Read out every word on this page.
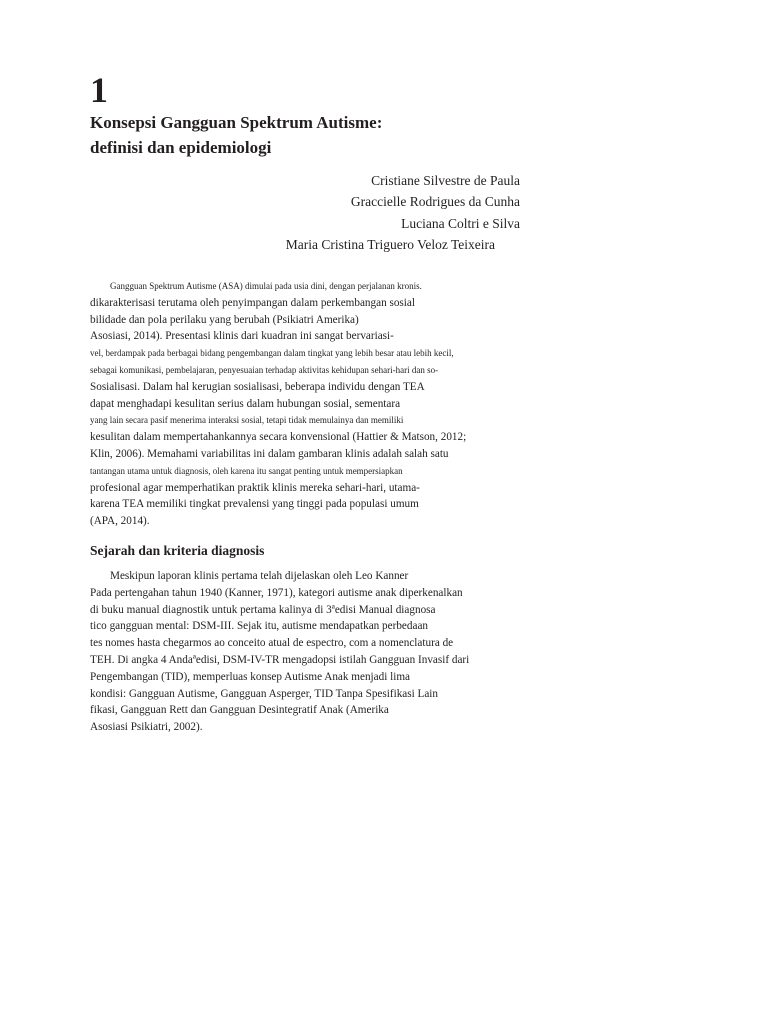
1
Konsepsi Gangguan Spektrum Autisme:
definisi dan epidemiologi
Cristiane Silvestre de Paula
Graccielle Rodrigues da Cunha
Luciana Coltri e Silva
Maria Cristina Triguero Veloz Teixeira

Gangguan Spektrum Autisme (ASA) dimulai pada usia dini, dengan perjalanan kronis.
dikarakterisasi terutama oleh penyimpangan dalam perkembangan sosial
bilidade dan pola perilaku yang berubah (Psikiatri Amerika)
Asosiasi, 2014). Presentasi klinis dari kuadran ini sangat bervariasi-
vel, berdampak pada berbagai bidang pengembangan dalam tingkat yang lebih besar atau lebih kecil,
sebagai komunikasi, pembelajaran, penyesuaian terhadap aktivitas kehidupan sehari-hari dan so-
Sosialisasi. Dalam hal kerugian sosialisasi, beberapa individu dengan TEA
dapat menghadapi kesulitan serius dalam hubungan sosial, sementara
yang lain secara pasif menerima interaksi sosial, tetapi tidak memulainya dan memiliki
kesulitan dalam mempertahankannya secara konvensional (Hattier & Matson, 2012;
Klin, 2006). Memahami variabilitas ini dalam gambaran klinis adalah salah satu
tantangan utama untuk diagnosis, oleh karena itu sangat penting untuk mempersiapkan
profesional agar memperhatikan praktik klinis mereka sehari-hari, utama-
karena TEA memiliki tingkat prevalensi yang tinggi pada populasi umum
(APA, 2014).

Sejarah dan kriteria diagnosis

Meskipun laporan klinis pertama telah dijelaskan oleh Leo Kanner
Pada pertengahan tahun 1940 (Kanner, 1971), kategori autisme anak diperkenalkan
di buku manual diagnostik untuk pertama kalinya di 3ªedisi Manual diagnosa
tico gangguan mental: DSM-III. Sejak itu, autisme mendapatkan perbedaan
tes nomes hasta chegarmos ao conceito atual de espectro, com a nomenclatura de
TEH. Di angka 4 Andaªedisi, DSM-IV-TR mengadopsi istilah Gangguan Invasif dari
Pengembangan (TID), memperluas konsep Autisme Anak menjadi lima
kondisi: Gangguan Autisme, Gangguan Asperger, TID Tanpa Spesifikasi Lain
fikasi, Gangguan Rett dan Gangguan Desintegratif Anak (Amerika
Asosiasi Psikiatri, 2002).
